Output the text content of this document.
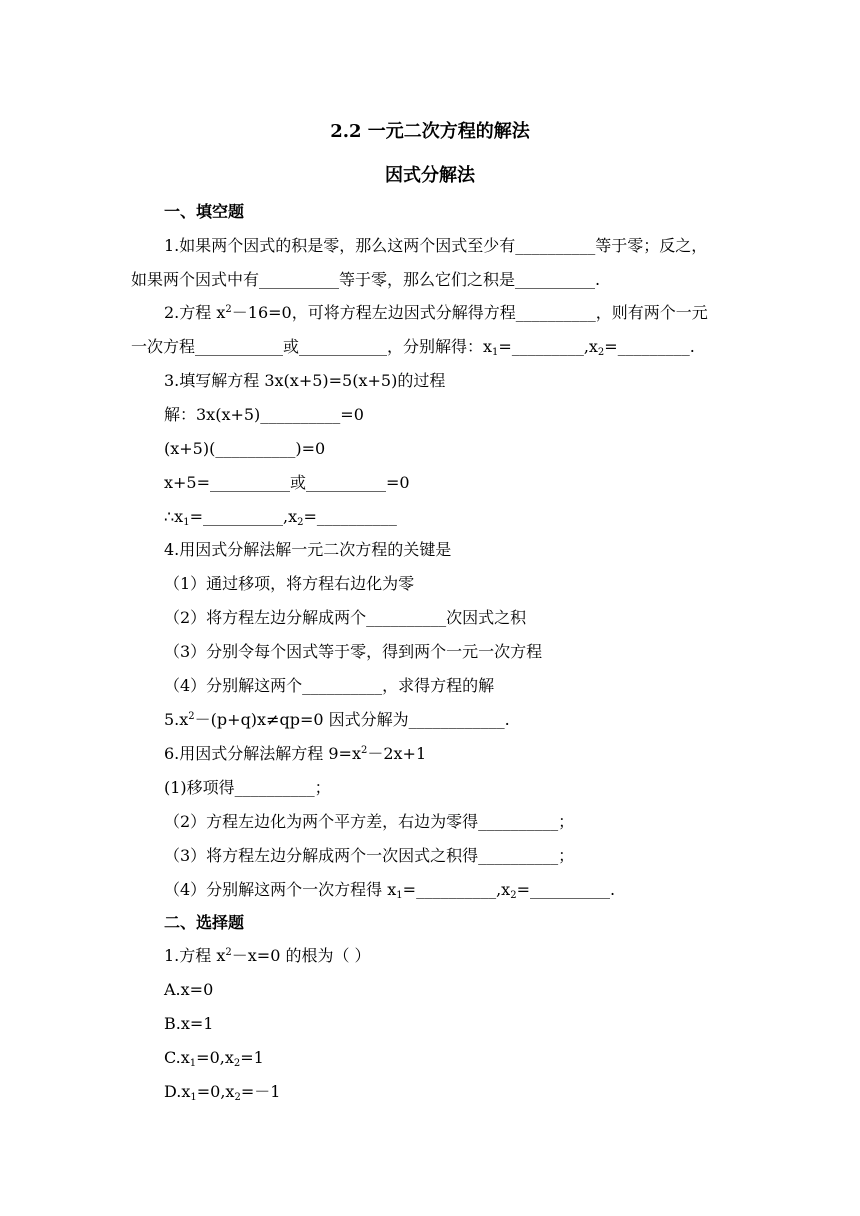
2.2 一元二次方程的解法
因式分解法
一、填空题
1.如果两个因式的积是零，那么这两个因式至少有__________等于零；反之，
如果两个因式中有__________等于零，那么它们之积是__________.
2.方程 $x^2-16=0$，可将方程左边因式分解得方程__________，则有两个一元
一次方程___________或___________，分别解得：$x_1=\_\_\_\_\_\_\_\_\_,x_2=\_\_\_\_\_\_\_\_\_$.
3.填写解方程 3x(x+5)=5(x+5)的过程
解：3x(x+5)__________=0
(x+5)(__________)=0
x+5=__________或__________=0
$\therefore x_1=\_\_\_\_\_\_\_\_\_\_,x_2=\_\_\_\_\_\_\_\_\_\_$
4.用因式分解法解一元二次方程的关键是
（1）通过移项，将方程右边化为零
（2）将方程左边分解成两个__________次因式之积
（3）分别令每个因式等于零，得到两个一元一次方程
（4）分别解这两个__________，求得方程的解
$5.x^2-(p+q)x\ne qp=0$ 因式分解为____________.
6.用因式分解法解方程 $9=x^2-2x+1$
(1)移项得__________；
（2）方程左边化为两个平方差，右边为零得__________；
（3）将方程左边分解成两个一次因式之积得__________；
（4）分别解这两个一次方程得 $x_1=\_\_\_\_\_\_\_\_\_\_,x_2=\_\_\_\_\_\_\_\_\_\_$.
二、选择题
1.方程 $x^2-x=0$ 的根为（ ）
A.x=0
B.x=1
$C.x_1=0,x_2=1$
$D.x_1=0,x_2=-1$
